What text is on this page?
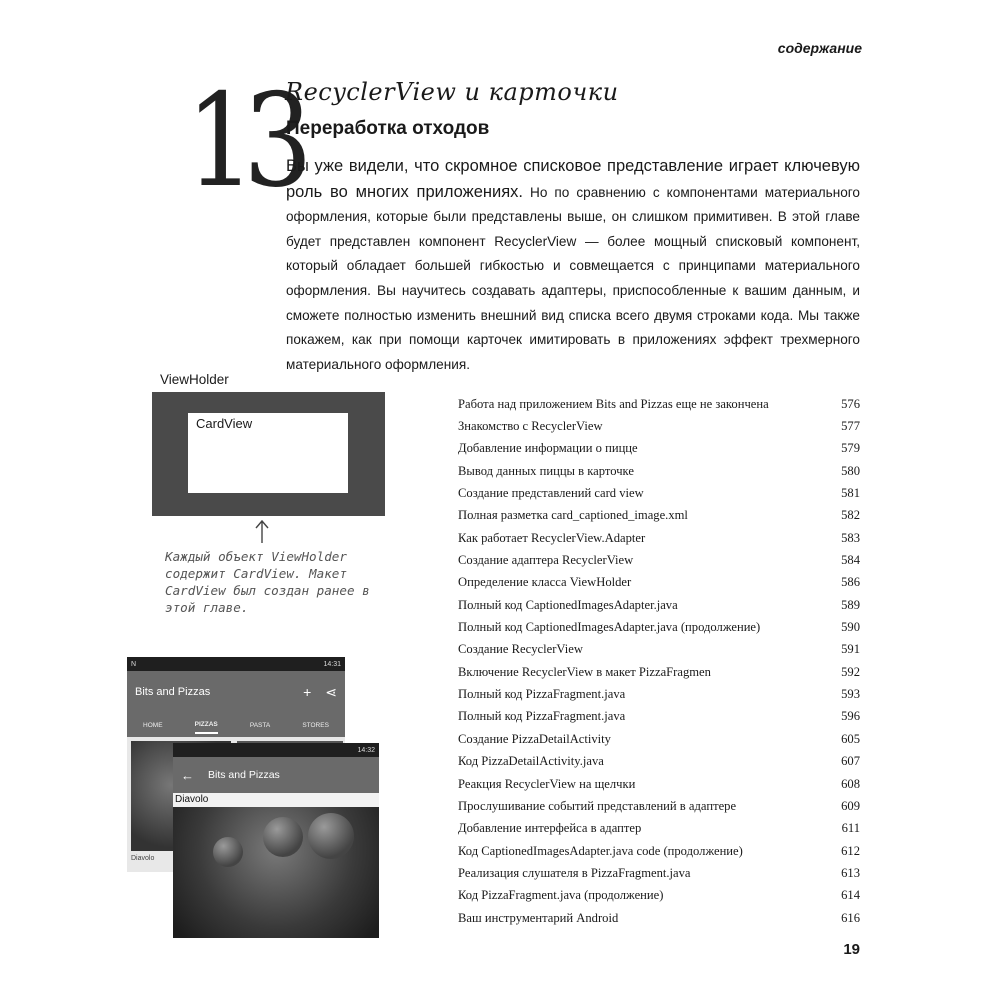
содержание
13
RecyclerView и карточки
Переработка отходов
Вы уже видели, что скромное списковое представление играет ключевую роль во многих приложениях. Но по сравнению с компонентами материального оформления, которые были представлены выше, он слишком примитивен. В этой главе будет представлен компонент RecyclerView — более мощный списковый компонент, который обладает большей гибкостью и совмещается с принципами материального оформления. Вы научитесь создавать адаптеры, приспособленные к вашим данным, и сможете полностью изменить внешний вид списка всего двумя строками кода. Мы также покажем, как при помощи карточек имитировать в приложениях эффект трехмерного материального оформления.
ViewHolder
CardView
Каждый объект ViewHolder содержит CardView. Макет CardView был создан ранее в этой главе.
N	14:31
Bits and Pizzas	+ ⋖
HOME	PIZZAS	PASTA	STORES
Diavolo
14:32
← Bits and Pizzas
Diavolo
Работа над приложением Bits and Pizzas еще не закончена	576
Знакомство с RecyclerView	577
Добавление информации о пицце	579
Вывод данных пиццы в карточке	580
Создание представлений card view	581
Полная разметка card_captioned_image.xml	582
Как работает RecyclerView.Adapter	583
Создание адаптера RecyclerView	584
Определение класса ViewHolder	586
Полный код CaptionedImagesAdapter.java	589
Полный код CaptionedImagesAdapter.java (продолжение)	590
Создание RecyclerView	591
Включение RecyclerView в макет PizzaFragmen	592
Полный код PizzaFragment.java	593
Полный код PizzaFragment.java	596
Создание PizzaDetailActivity	605
Код PizzaDetailActivity.java	607
Реакция RecyclerView на щелчки	608
Прослушивание событий представлений в адаптере	609
Добавление интерфейса в адаптер	611
Код CaptionedImagesAdapter.java code (продолжение)	612
Реализация слушателя в PizzaFragment.java	613
Код PizzaFragment.java (продолжение)	614
Ваш инструментарий Android	616
19
